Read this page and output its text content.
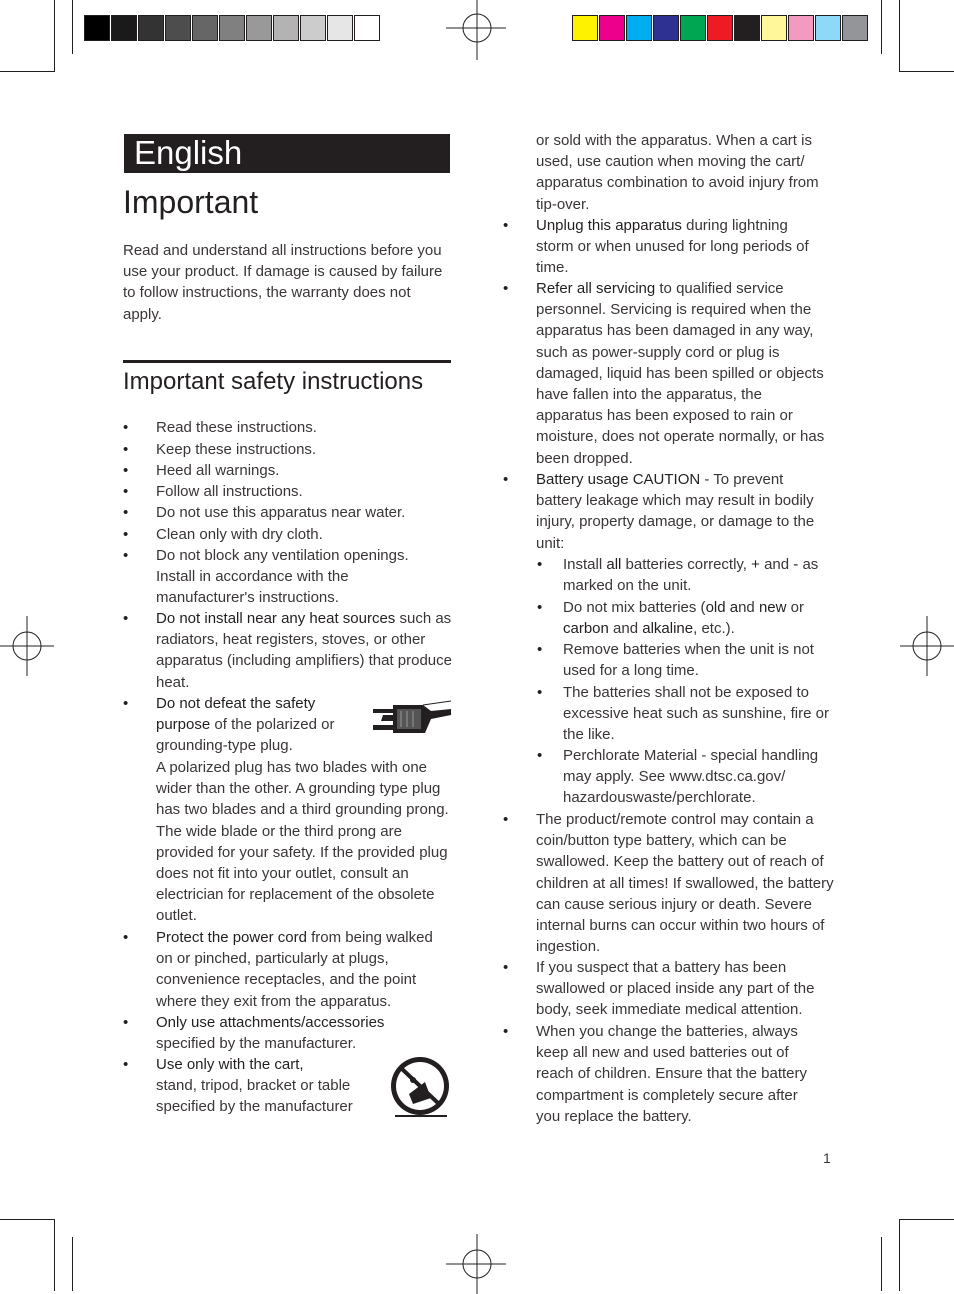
English
Important
Read and understand all instructions before you use your product. If damage is caused by failure to follow instructions, the warranty does not apply.
Important safety instructions
• Read these instructions.
• Keep these instructions.
• Heed all warnings.
• Follow all instructions.
• Do not use this apparatus near water.
• Clean only with dry cloth.
• Do not block any ventilation openings. Install in accordance with the manufacturer's instructions.
• Do not install near any heat sources such as radiators, heat registers, stoves, or other apparatus (including amplifiers) that produce heat.
• Do not defeat the safety purpose of the polarized or grounding-type plug.
A polarized plug has two blades with one wider than the other. A grounding type plug has two blades and a third grounding prong. The wide blade or the third prong are provided for your safety. If the provided plug does not fit into your outlet, consult an electrician for replacement of the obsolete outlet.
• Protect the power cord from being walked on or pinched, particularly at plugs, convenience receptacles, and the point where they exit from the apparatus.
• Only use attachments/accessories
specified by the manufacturer.
• Use only with the cart,
stand, tripod, bracket or table specified by the manufacturer
or sold with the apparatus. When a cart is used, use caution when moving the cart/ apparatus combination to avoid injury from tip-over.
• Unplug this apparatus during lightning storm or when unused for long periods of time.
• Refer all servicing to qualified service personnel. Servicing is required when the apparatus has been damaged in any way, such as power-supply cord or plug is damaged, liquid has been spilled or objects have fallen into the apparatus, the apparatus has been exposed to rain or moisture, does not operate normally, or has been dropped.
• Battery usage CAUTION - To prevent battery leakage which may result in bodily injury, property damage, or damage to the unit:
• Install all batteries correctly, + and - as marked on the unit.
• Do not mix batteries (old and new or carbon and alkaline, etc.).
• Remove batteries when the unit is not used for a long time.
• The batteries shall not be exposed to excessive heat such as sunshine, fire or the like.
• Perchlorate Material - special handling may apply. See www.dtsc.ca.gov/ hazardouswaste/perchlorate.
• The product/remote control may contain a coin/button type battery, which can be swallowed. Keep the battery out of reach of children at all times! If swallowed, the battery can cause serious injury or death. Severe internal burns can occur within two hours of ingestion.
• If you suspect that a battery has been swallowed or placed inside any part of the body, seek immediate medical attention.
• When you change the batteries, always keep all new and used batteries out of reach of children. Ensure that the battery compartment is completely secure after you replace the battery.
1
